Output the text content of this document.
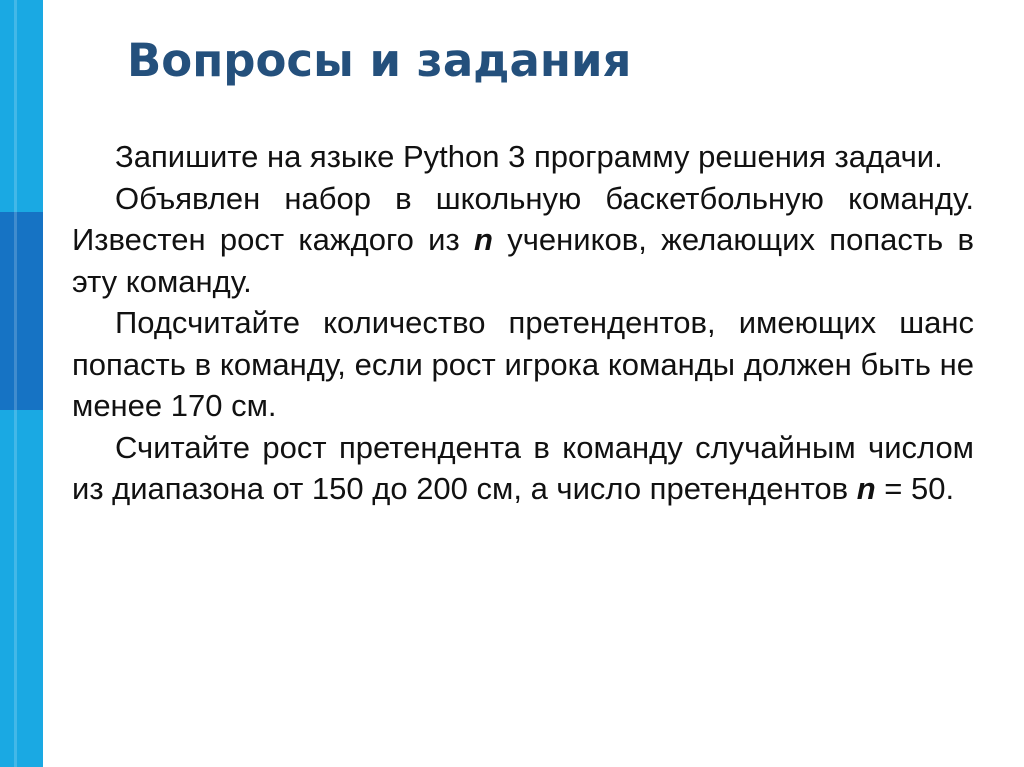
Вопросы и задания

Запишите на языке Python 3 программу решения задачи.

Объявлен набор в школьную баскетбольную команду. Известен рост каждого из n учеников, желающих попасть в эту команду.

Подсчитайте количество претендентов, имеющих шанс попасть в команду, если рост игрока команды должен быть не менее 170 см.

Считайте рост претендента в команду случайным числом из диапазона от 150 до 200 см, а число претендентов n = 50.
